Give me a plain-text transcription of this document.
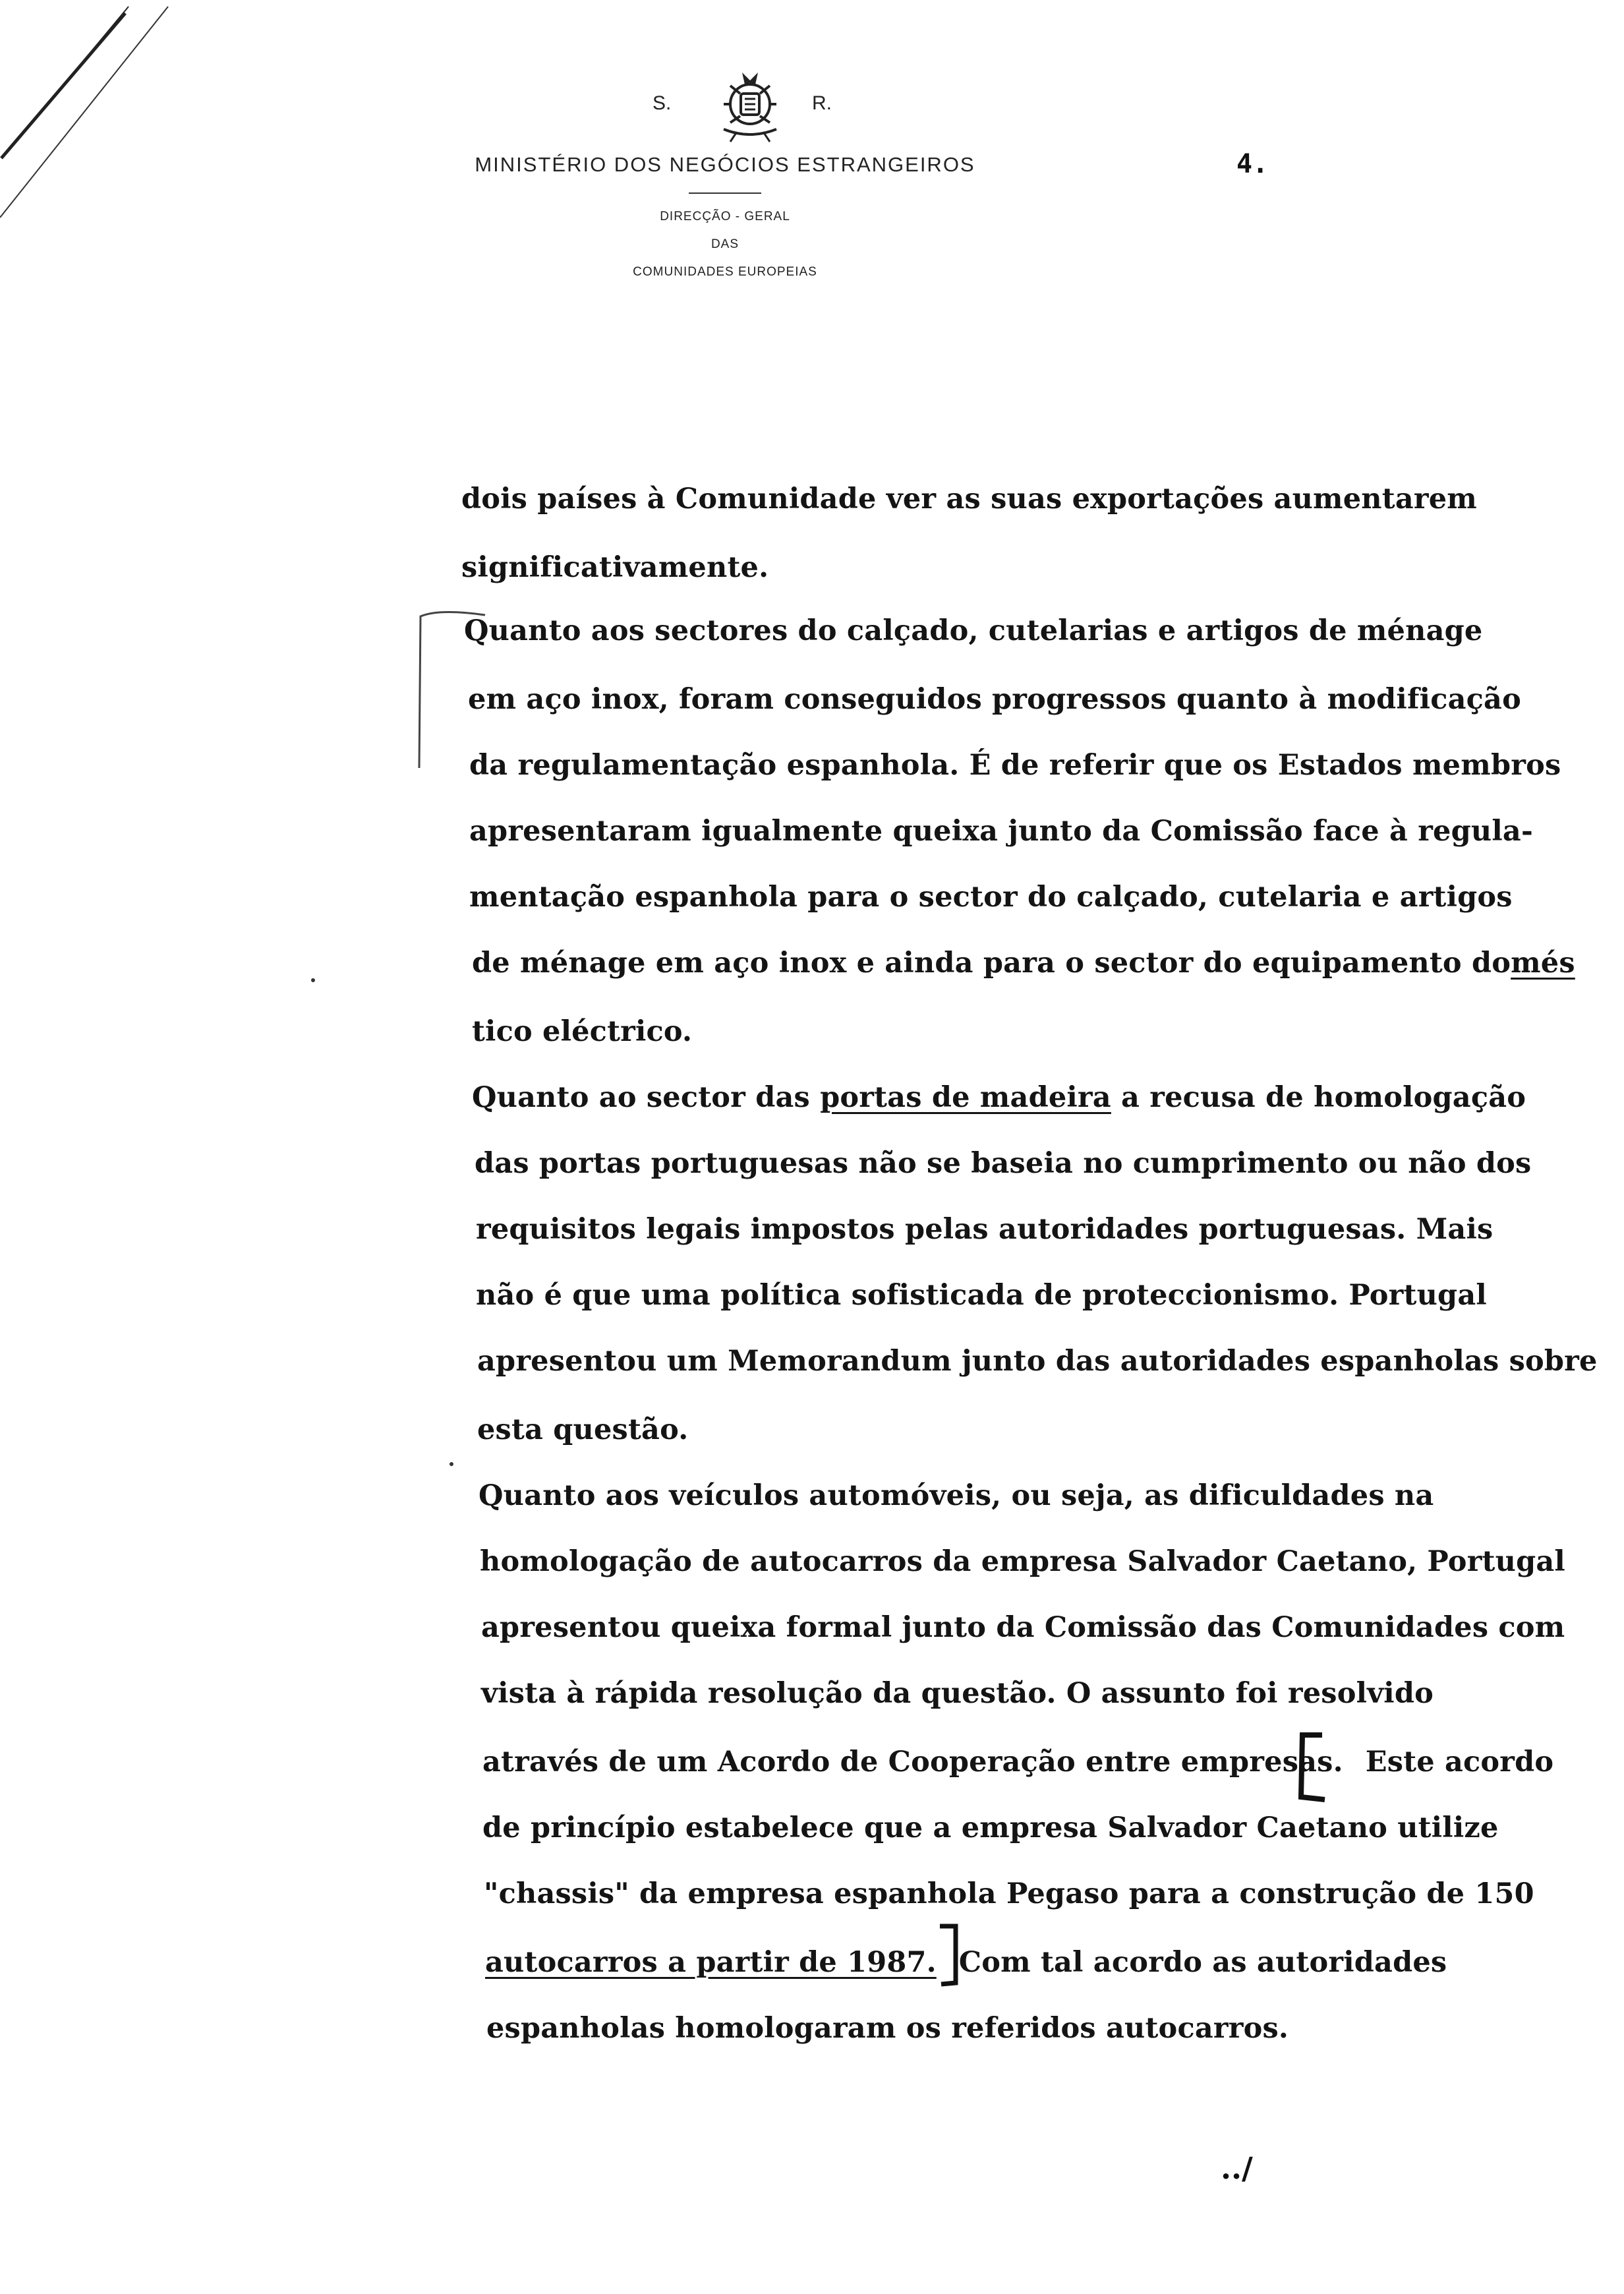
S.	R.
MINISTÉRIO DOS NEGÓCIOS ESTRANGEIROS
DIRECÇÃO - GERAL
DAS
COMUNIDADES EUROPEIAS
4.
dois países à Comunidade ver as suas exportações aumentarem
significativamente.
Quanto aos sectores do calçado, cutelarias e artigos de ménage
em aço inox, foram conseguidos progressos quanto à modificação
da regulamentação espanhola. É de referir que os Estados membros
apresentaram igualmente queixa junto da Comissão face à regula-
mentação espanhola para o sector do calçado, cutelaria e artigos
de ménage em aço inox e ainda para o sector do equipamento domés
tico eléctrico.
Quanto ao sector das portas de madeira a recusa de homologação
das portas portuguesas não se baseia no cumprimento ou não dos
requisitos legais impostos pelas autoridades portuguesas. Mais
não é que uma política sofisticada de proteccionismo. Portugal
apresentou um Memorandum junto das autoridades espanholas sobre
esta questão.
Quanto aos veículos automóveis, ou seja, as dificuldades na
homologação de autocarros da empresa Salvador Caetano, Portugal
apresentou queixa formal junto da Comissão das Comunidades com
vista à rápida resolução da questão. O assunto foi resolvido
através de um Acordo de Cooperação entre empresas. Este acordo
de princípio estabelece que a empresa Salvador Caetano utilize
"chassis" da empresa espanhola Pegaso para a construção de 150
autocarros a partir de 1987. Com tal acordo as autoridades
espanholas homologaram os referidos autocarros.
../
